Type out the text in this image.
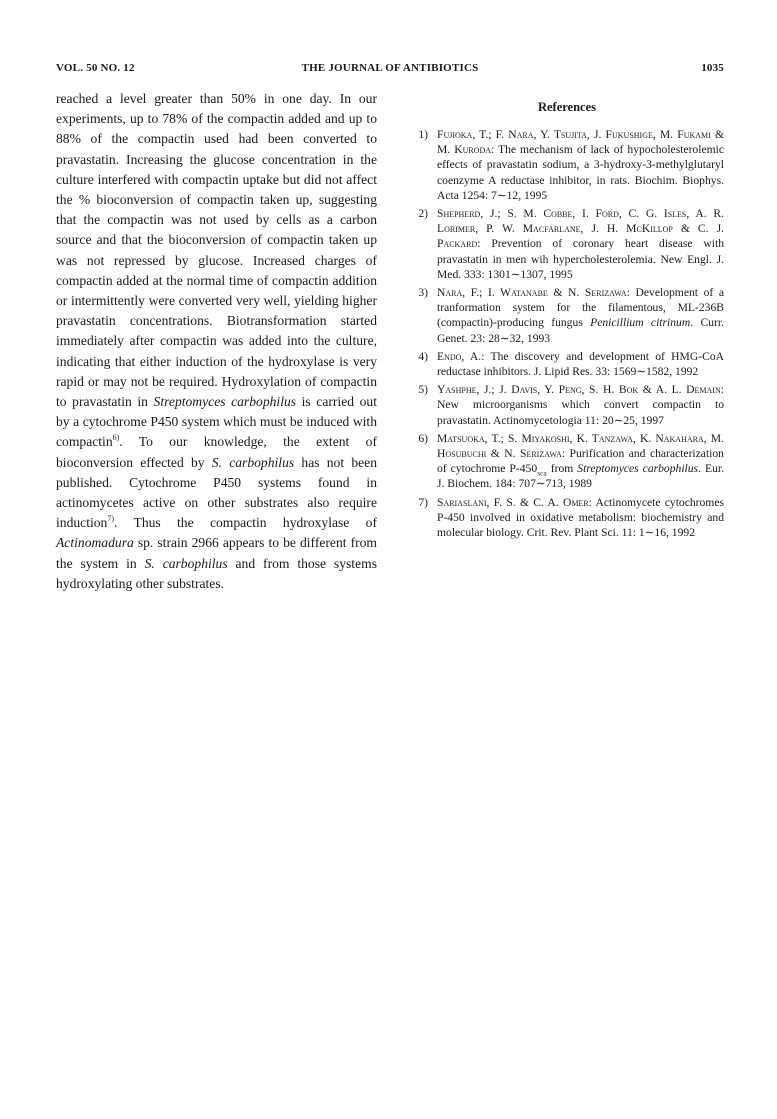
VOL. 50 NO. 12	THE JOURNAL OF ANTIBIOTICS	1035

reached a level greater than 50% in one day. In our experiments, up to 78% of the compactin added and up to 88% of the compactin used had been converted to pravastatin. Increasing the glucose concentration in the culture interfered with compactin uptake but did not affect the % bioconversion of compactin taken up, suggesting that the compactin was not used by cells as a carbon source and that the bioconversion of compactin taken up was not repressed by glucose. Increased charges of compactin added at the normal time of compactin addition or intermittently were converted very well, yielding higher pravastatin concentrations. Biotransformation started immediately after compactin was added into the culture, indicating that either induction of the hydroxylase is very rapid or may not be required. Hydroxylation of compactin to pravastatin in Streptomyces carbophilus is carried out by a cytochrome P450 system which must be induced with compactin$^{6)}$. To our knowledge, the extent of bioconversion effected by S. carbophilus has not been published. Cytochrome P450 systems found in actinomycetes active on other substrates also require induction$^{7)}$. Thus the compactin hydroxylase of Actinomadura sp. strain 2966 appears to be different from the system in S. carbophilus and from those systems hydroxylating other substrates.

References
1) Fujioka, T.; F. Nara, Y. Tsujita, J. Fukushige, M. Fukami & M. Kuroda: The mechanism of lack of hypocholesterolemic effects of pravastatin sodium, a 3-hydroxy-3-methylglutaryl coenzyme A reductase inhibitor, in rats. Biochim. Biophys. Acta 1254: 7∼12, 1995
2) Shepherd, J.; S. M. Cobbe, I. Ford, C. G. Isles, A. R. Lorimer, P. W. Macfarlane, J. H. McKillop & C. J. Packard: Prevention of coronary heart disease with pravastatin in men wih hypercholesterolemia. New Engl. J. Med. 333: 1301∼1307, 1995
3) Nara, F.; I. Watanabe & N. Serizawa: Development of a tranformation system for the filamentous, ML-236B (compactin)-producing fungus Penicillium citrinum. Curr. Genet. 23: 28∼32, 1993
4) Endo, A.: The discovery and development of HMG-CoA reductase inhibitors. J. Lipid Res. 33: 1569∼1582, 1992
5) Yashphe, J.; J. Davis, Y. Peng, S. H. Bok & A. L. Demain: New microorganisms which convert compactin to pravastatin. Actinomycetologia 11: 20∼25, 1997
6) Matsuoka, T.; S. Miyakoshi, K. Tanzawa, K. Nakahara, M. Hosubuchi & N. Serizawa: Purification and characterization of cytochrome $P-450_{sca}$ from Streptomyces carbophilus. Eur. J. Biochem. 184: 707∼713, 1989
7) Sariaslani, F. S. & C. A. Omer: Actinomycete cytochromes P-450 involved in oxidative metabolism: biochemistry and molecular biology. Crit. Rev. Plant Sci. 11: 1∼16, 1992
